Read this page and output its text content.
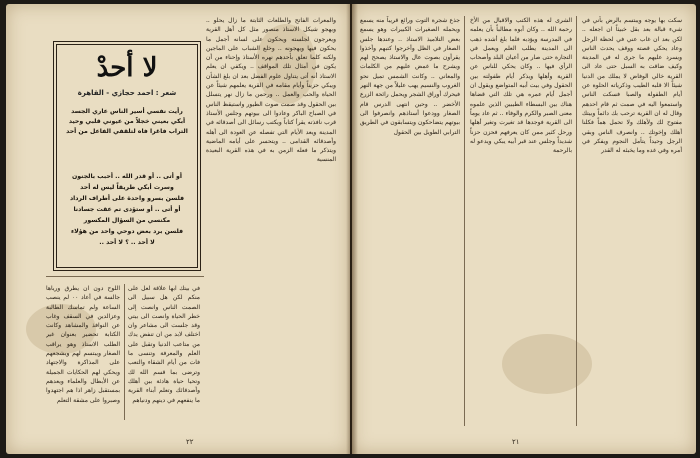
لا أحدْ
شعر : احمد حجازي - القاهرة
رأيت نفسي أسير الناس عاري الجسد أبكي بعيني خجلاً من عيوني قلبي وحيد التراب فاغرا فاه لتلقفي الفاعل من أحد
أو أتى .. أو قدر الله .. أحبب بالجنون
وسرت أبكي طريقاً ليس له أحد
فلسن بسرو واحدة على أطراف الرداد
أو أتى .. أو ستؤدى تم عقت جسادنا
مكنسي من السؤال المكسور
فلسن برد بعض دوحي واحد من هؤلاء
لا أحد .. ؟ لا أحد ..

والمعرات الفاتح والطلعات الثابتة ما زال يحلو .. ويهجو شيكل الاستاذ منصور مثل كل أهل القرية ويعرجون لجلسته ويحكون على لسانه أجمل ما يحكون فيها ويهجونه .. وخلع الشباب على الماجين ولكنه كلما تعلق بأحدهم نهره الأستاذ وإحناء من أن يكون في أمثال تلك المواقف .. ويكفي ان يعلم الاستاذ أنه أتى يتناول علوم الفضل بعد ان بلغ الشأن ويبكي حزيناً وأيام مقامه في القرية يعلمهم شيئاً عن الحياة والحب والعمل .. ورحمن ما زال نهر يتسلل بين الحقول وقد صمت صوت الطيور واستيقظ الناس في الصباح الباكر وعادوا الى بيوتهم وجلس الأستاذ قرب نافذته يقرأ كتاباً ويكتب رسائل الى أصدقائه في المدينة ويعد الأيام التي تفصله عن العودة الى أهله وأصدقائه القدامى .. ويتحسر على أيامه الماضية ويتذكر ما فعله الزمن به في هذه القرية البعيدة المنسية

في بيتك ابها علاقة لعل على منكم لكن هل سبيل الى الصمت الناس وانصت إلى خطر الحياة وانصت الى بيتي وقد جلست الى مشاعر وان اختلف لابد من ان تنفض يدك من متاعب الدنيا وتقبل على العلم والمعرفة وتنسى ما فات من أيام الشقاء والتعب وترضى بما قسم الله لك وتحيا حياة هادئة بين أهلك وأصدقائك وتعلم أبناء القرية ما ينفعهم في دينهم ودنياهم

اللوح دون ان يطرق ورياها جالسة في أعاد ٠٠ لم ينصب الساعة ولم تماسك الطالبة وعزالدين في السقف وغاب عن النوافذ والمشاهد وكانت الكتابة تحضير بعنوان غير الطلب الاستاذ وهو يراقب الصغار ويبتسم لهم ويشجعهم على المذاكرة والاجتهاد ويحكي لهم الحكايات الجميلة عن الأبطال والعلماء ويعدهم بمستقبل زاهر اذا هم اجتهدوا وصبروا على مشقة التعلم

٢٢

جذع شجرة التوت ورائع قريباً منه يسمع ويحمله الصغيرات الكبيرات وهو يسمع بعض التلاميذ الاستاذ .. وعندها جلس الصغار في الظل وأخرجوا كتبهم وأخذوا يقرأون بصوت عال والاستاذ يصحح لهم ويشرح ما غمض عليهم من الكلمات والمعاني .. وكانت الشمس تميل نحو الغروب والنسيم يهب عليلاً من جهة النهر فيحرك أوراق الشجر ويحمل رائحة الزرع الأخضر .. وحين انتهى الدرس قام الصغار وودعوا أستاذهم وانصرفوا الى بيوتهم يتضاحكون ويتسابقون في الطريق الترابي الطويل بين الحقول

الشرى له هذه الكتب والاقبال من الأخ رحمة الله .. وكان أبوه مطالباً بأن يعلمه في المدرسة ويؤدبه فلما بلغ أشده ذهب الى المدينة يطلب العلم ويعمل في التجارة حتى صار من أعيان البلد وأصحاب الرأي فيها .. وكان يحكي للناس عن القرية وأهلها ويذكر أيام طفولته بين الحقول وفي بيت أبيه المتواضع ويقول ان أجمل أيام عمره هي تلك التي قضاها هناك بين البسطاء الطيبين الذين علموه معنى الصبر والكرم والوفاء .. ثم عاد يوماً الى القرية فوجدها قد تغيرت وتغير أهلها ورحل كثير ممن كان يعرفهم فحزن حزناً شديداً وجلس عند قبر أبيه يبكي ويدعو له بالرحمة

سكت بها يوجه ويبتسم بالرض بأني في شيء قبالة بعد بقل خبيثاً ان اجعله .. لكن بعد ان غاب عني في لحظة الرجل وعاد يحكي قصته ووقف يحدث الناس ويسرد عليهم ما جرى له في المدينة وكيف ضاقت به السبل حتى عاد الى القرية خالي الوفاض لا يملك من الدنيا شيئاً الا قلبه الطيب وذكرياته الحلوة عن أيام الطفولة والصبا فسكت الناس واستمعوا اليه في صمت ثم قام احدهم وقال له ان القرية ترحب بك دائماً وبيتك مفتوح لك ولأهلك ولا تحمل هماً فكلنا أهلك وإخوتك .. وانصرف الناس وبقي الرجل وحيداً يتأمل النجوم ويفكر في أمره وفي غده وما يخبئه له القدر

٢١
